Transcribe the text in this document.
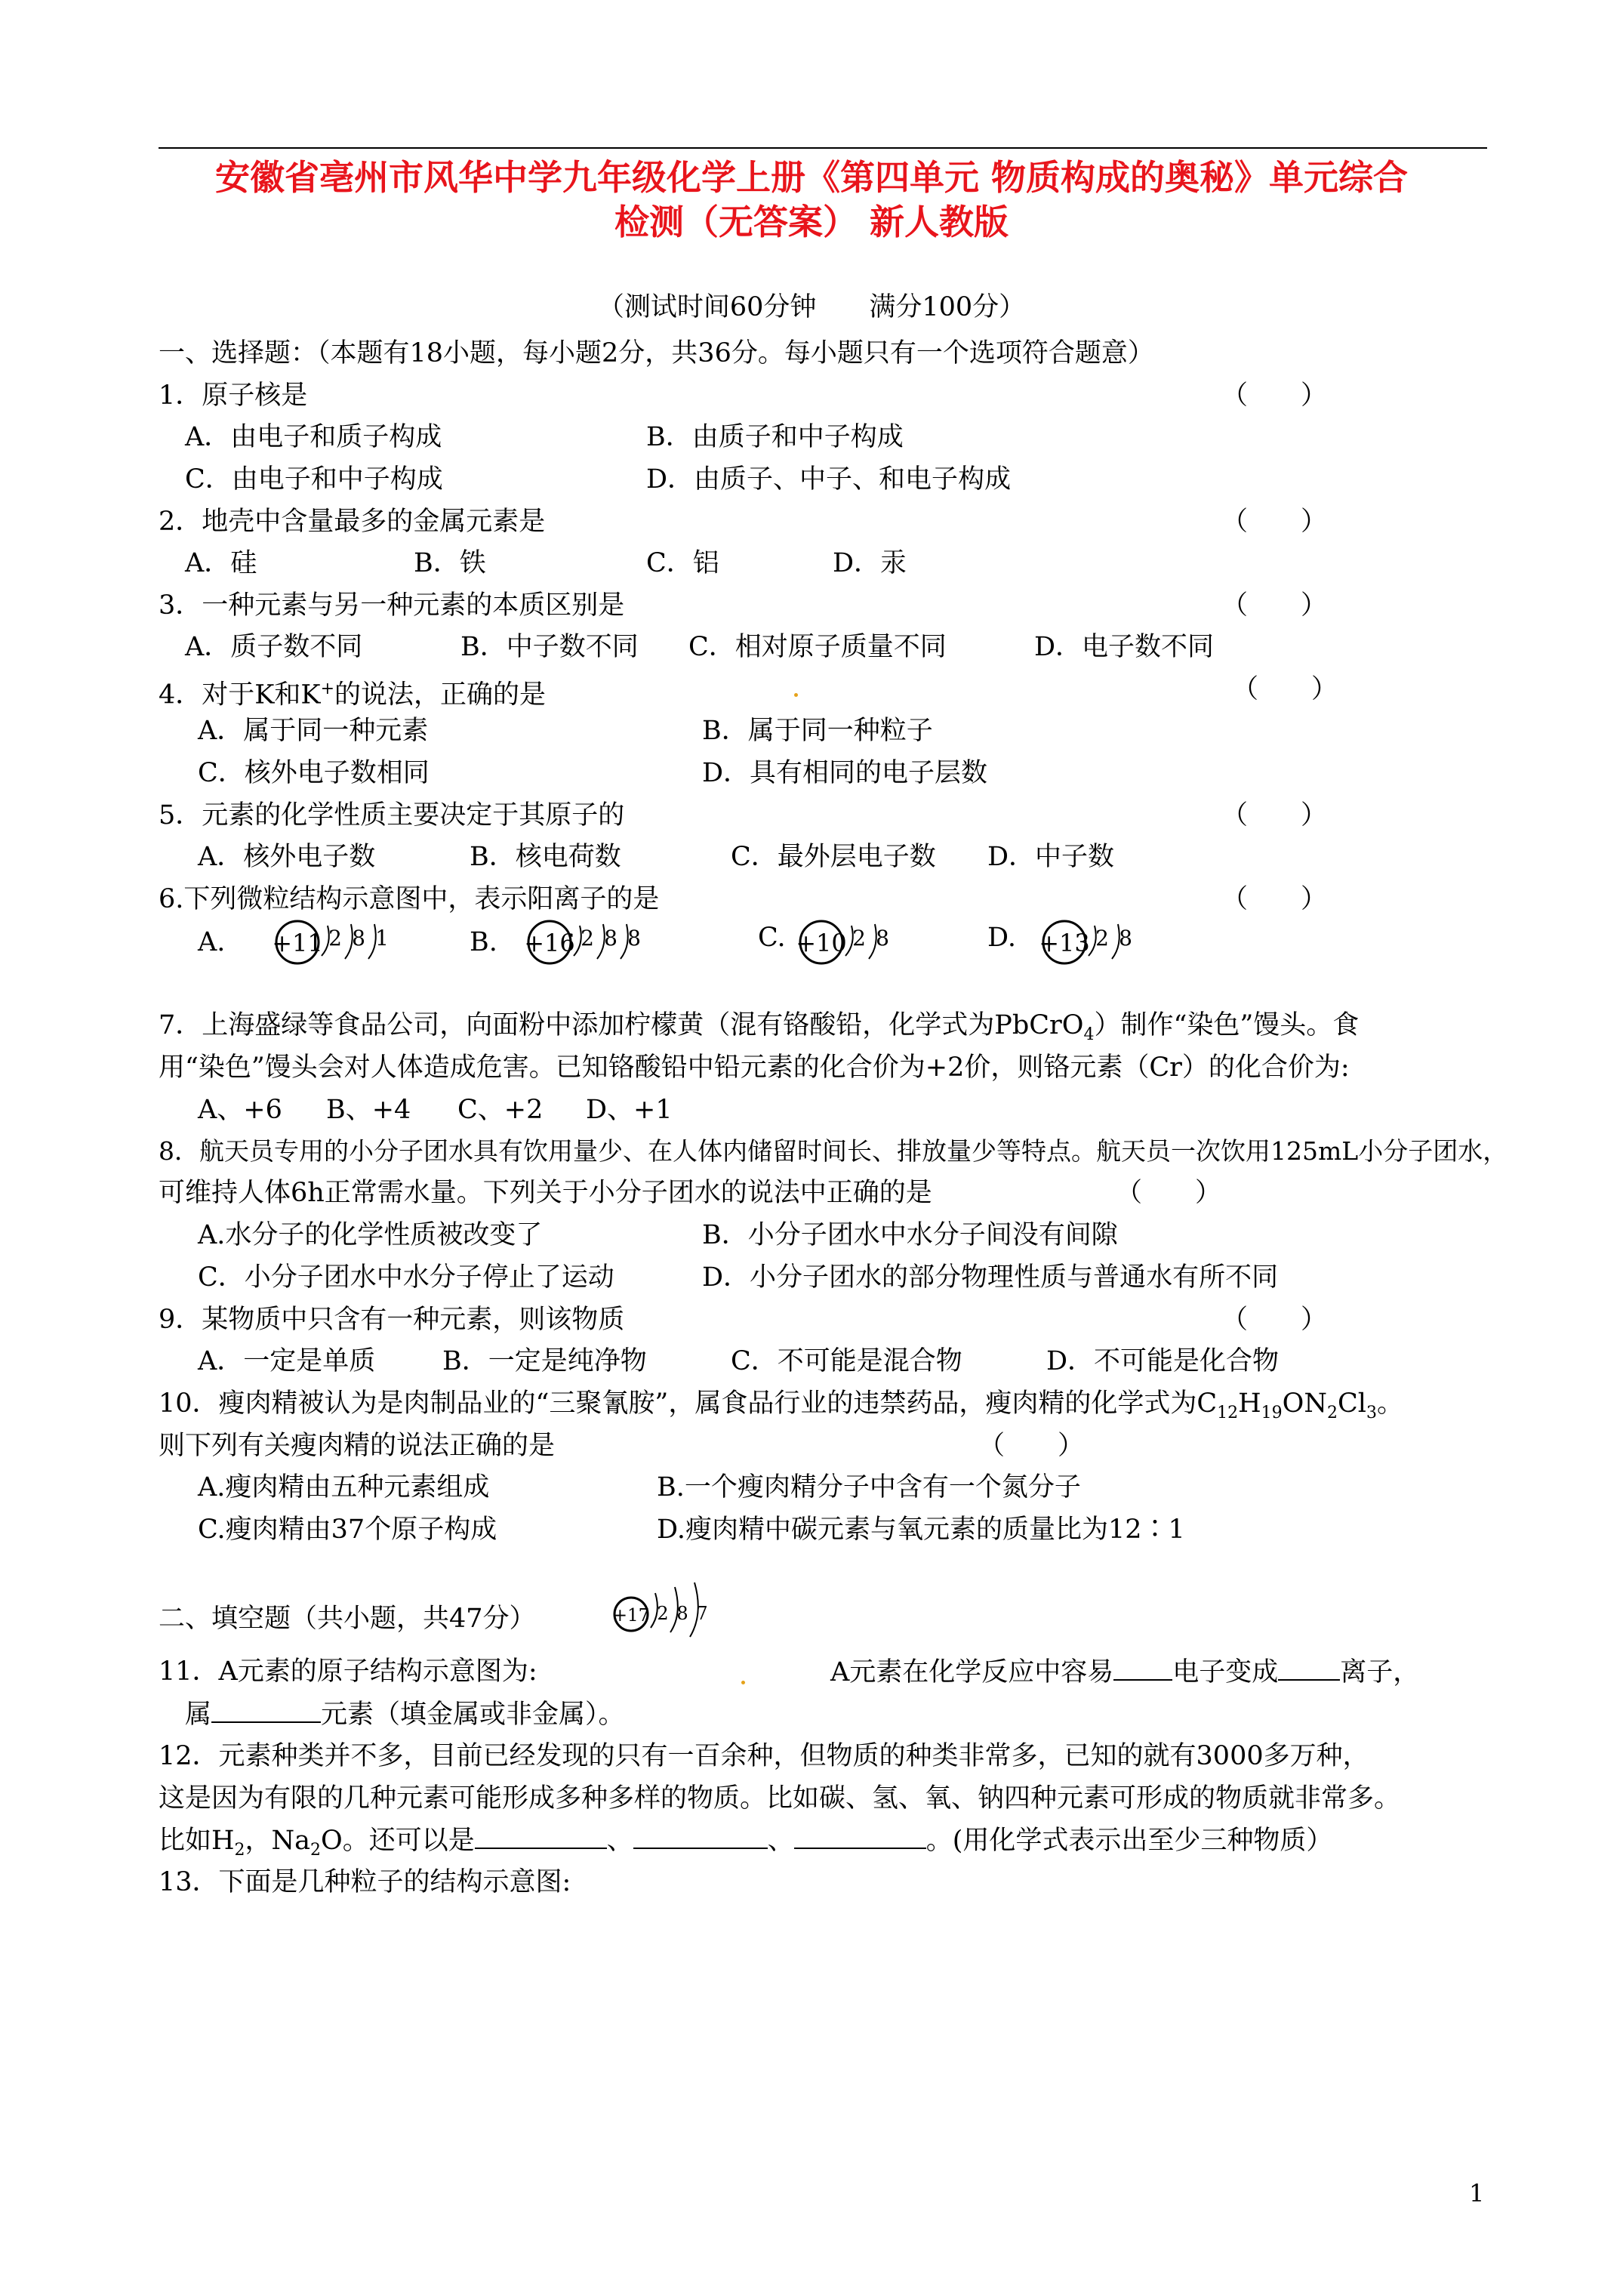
安徽省亳州市风华中学九年级化学上册《第四单元 物质构成的奥秘》单元综合
检测（无答案） 新人教版
（测试时间60分钟　　满分100分）
一、选择题：（本题有18小题，每小题2分，共36分。每小题只有一个选项符合题意）
1．原子核是	（　　）
A．由电子和质子构成	B．由质子和中子构成
C．由电子和中子构成	D．由质子、中子、和电子构成
2．地壳中含量最多的金属元素是	（　　）
A．硅	B．铁	C．铝	D．汞
3．一种元素与另一种元素的本质区别是	（　　）
A．质子数不同	B．中子数不同 C．相对原子质量不同	D．电子数不同
4．对于K和K+的说法，正确的是	（　　）
A．属于同一种元素	B．属于同一种粒子
C．核外电子数相同	D．具有相同的电子层数
5．元素的化学性质主要决定于其原子的	（　　）
A．核外电子数	B．核电荷数	C．最外层电子数 D．中子数
6.下列微粒结构示意图中，表示阳离子的是	（　　）
A. +11 2 8 1	B. +16 2 8 8	C. +10 2 8	D. +13 2 8
7．上海盛绿等食品公司，向面粉中添加柠檬黄（混有铬酸铅，化学式为PbCrO$_4$）制作“染色”馒头。食
用“染色”馒头会对人体造成危害。已知铬酸铅中铅元素的化合价为+2价，则铬元素（Cr）的化合价为:
A、+6 B、+4 C、+2 D、+1
8．航天员专用的小分子团水具有饮用量少、在人体内储留时间长、排放量少等特点。航天员一次饮用125mL小分子团水，
可维持人体6h正常需水量。下列关于小分子团水的说法中正确的是	（　　）
A.水分子的化学性质被改变了	B．小分子团水中水分子间没有间隙
C．小分子团水中水分子停止了运动	D．小分子团水的部分物理性质与普通水有所不同
9．某物质中只含有一种元素，则该物质	（　　）
A．一定是单质	B．一定是纯净物	C．不可能是混合物	D．不可能是化合物
10．瘦肉精被认为是肉制品业的“三聚氰胺”，属食品行业的违禁药品，瘦肉精的化学式为$C_{12}H_{19}ON_2Cl_3$。
则下列有关瘦肉精的说法正确的是	（　　）
A.瘦肉精由五种元素组成	B.一个瘦肉精分子中含有一个氮分子
C.瘦肉精由37个原子构成	D.瘦肉精中碳元素与氧元素的质量比为12∶1
二、填空题（共小题，共47分）	+17 2 8 7
11．A元素的原子结构示意图为:	A元素在化学反应中容易 电子变成 离子，
属	元素（填金属或非金属）。
12．元素种类并不多，目前已经发现的只有一百余种，但物质的种类非常多，已知的就有3000多万种，
这是因为有限的几种元素可能形成多种多样的物质。比如碳、氢、氧、钠四种元素可形成的物质就非常多。
比如$H_2$，$Na_2O$。还可以是	、	、	。(用化学式表示出至少三种物质）
13．下面是几种粒子的结构示意图:
1
